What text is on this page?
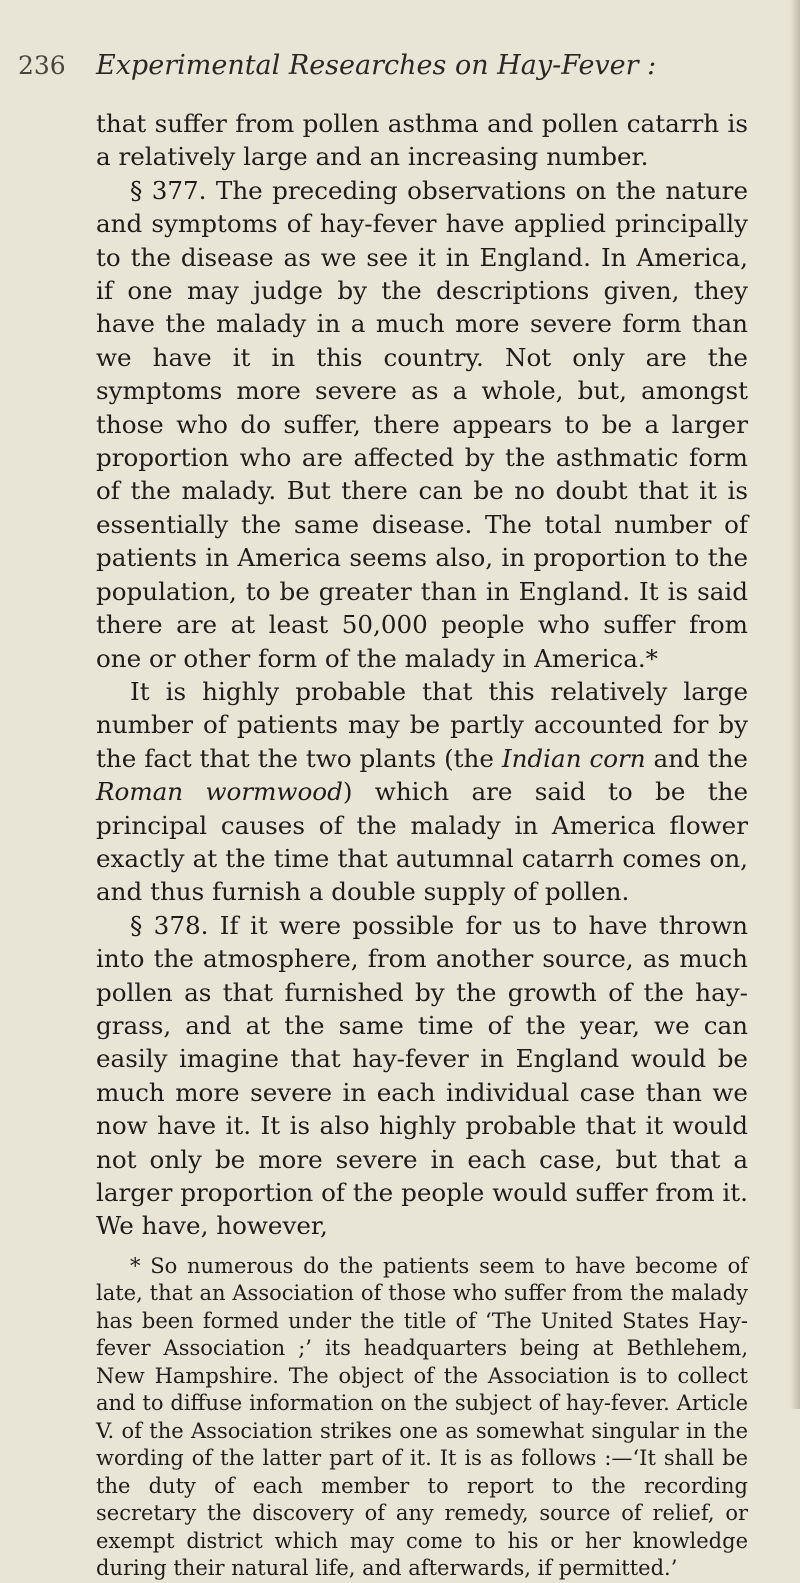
236	Experimental Researches on Hay-Fever :

that suffer from pollen asthma and pollen catarrh is a relatively large and an increasing number.

§ 377. The preceding observations on the nature and symptoms of hay-fever have applied principally to the disease as we see it in England. In America, if one may judge by the descriptions given, they have the malady in a much more severe form than we have it in this country. Not only are the symptoms more severe as a whole, but, amongst those who do suffer, there appears to be a larger proportion who are affected by the asthmatic form of the malady. But there can be no doubt that it is essentially the same disease. The total number of patients in America seems also, in proportion to the population, to be greater than in England. It is said there are at least 50,000 people who suffer from one or other form of the malady in America.*

It is highly probable that this relatively large number of patients may be partly accounted for by the fact that the two plants (the Indian corn and the Roman wormwood) which are said to be the principal causes of the malady in America flower exactly at the time that autumnal catarrh comes on, and thus furnish a double supply of pollen.

§ 378. If it were possible for us to have thrown into the atmosphere, from another source, as much pollen as that furnished by the growth of the hay-grass, and at the same time of the year, we can easily imagine that hay-fever in England would be much more severe in each individual case than we now have it. It is also highly probable that it would not only be more severe in each case, but that a larger proportion of the people would suffer from it. We have, however,

* So numerous do the patients seem to have become of late, that an Association of those who suffer from the malady has been formed under the title of ‘The United States Hay-fever Association ;’ its headquarters being at Bethlehem, New Hampshire. The object of the Association is to collect and to diffuse information on the subject of hay-fever. Article V. of the Association strikes one as somewhat singular in the wording of the latter part of it. It is as follows :—‘It shall be the duty of each member to report to the recording secretary the discovery of any remedy, source of relief, or exempt district which may come to his or her knowledge during their natural life, and afterwards, if permitted.’
